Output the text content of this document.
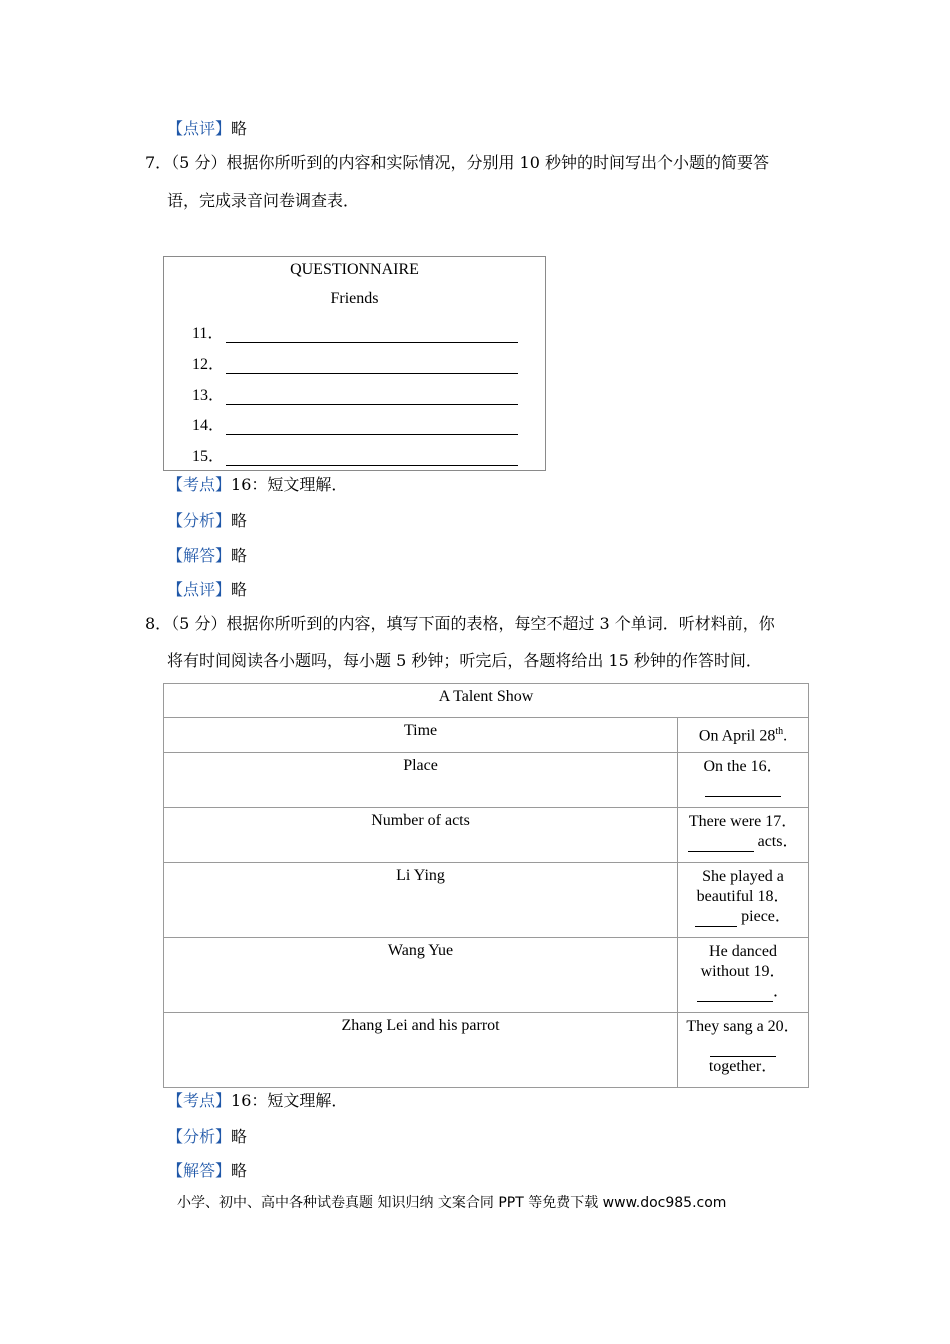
【点评】略
7．（5 分）根据你所听到的内容和实际情况，分别用 10 秒钟的时间写出个小题的简要答
语，完成录音问卷调查表．
QUESTIONNAIRE
Friends
11．
12．
13．
14．
15．
【考点】16：短文理解．
【分析】略
【解答】略
【点评】略
8．（5 分）根据你所听到的内容，填写下面的表格，每空不超过 3 个单词．听材料前，你
将有时间阅读各小题吗，每小题 5 秒钟；听完后，各题将给出 15 秒钟的作答时间．
A Talent Show	
Time	On April 28th.
Place	On the 16．

Number of acts	There were 17．
acts．
Li Ying	She played a beautiful 18．
piece．
Wang Yue	He danced without 19．
．
Zhang Lei and his parrot	They sang a 20．

together．
【考点】16：短文理解．
【分析】略
【解答】略
小学、初中、高中各种试卷真题 知识归纳 文案合同 PPT 等免费下载 www.doc985.com
